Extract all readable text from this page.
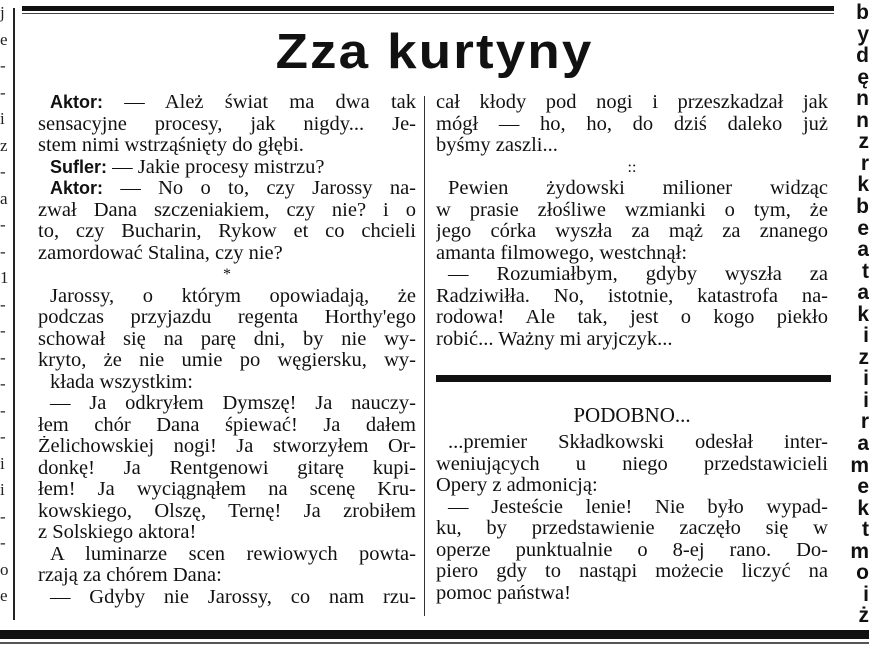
j
e
-
-
i
z
-
a
-
-
1
-
-
-
-
-
-
i
i
-
-
o
e
b
y
d
ę
n
n
z
r
k
b
e
a
t
a
k
i
z
i
i
r
a
m
e
k
t
m
o
i
ż
Zza kurtyny
Aktor: — Ależ świat ma dwa tak
sensacyjne procesy, jak nigdy... Je-
stem nimi wstrząśnięty do głębi.
Sufler: — Jakie procesy mistrzu?
Aktor: — No o to, czy Jarossy na-
zwał Dana szczeniakiem, czy nie? i o
to, czy Bucharin, Rykow et co chcieli
zamordować Stalina, czy nie?
*
Jarossy, o którym opowiadają, że
podczas przyjazdu regenta Horthy'ego
schował się na parę dni, by nie wy-
kryto, że nie umie po węgiersku, wy-
kłada wszystkim:
— Ja odkryłem Dymszę! Ja nauczy-
łem chór Dana śpiewać! Ja dałem
Żelichowskiej nogi! Ja stworzyłem Or-
donkę! Ja Rentgenowi gitarę kupi-
łem! Ja wyciągnąłem na scenę Kru-
kowskiego, Olszę, Ternę! Ja zrobiłem
z Solskiego aktora!
A luminarze scen rewiowych powta-
rzają za chórem Dana:
— Gdyby nie Jarossy, co nam rzu-
cał kłody pod nogi i przeszkadzał jak
mógł — ho, ho, do dziś daleko już
byśmy zaszli...
::
Pewien żydowski milioner widząc
w prasie złośliwe wzmianki o tym, że
jego córka wyszła za mąż za znanego
amanta filmowego, westchnął:
— Rozumiałbym, gdyby wyszła za
Radziwiłła. No, istotnie, katastrofa na-
rodowa! Ale tak, jest o kogo piekło
robić... Ważny mi aryjczyk...
PODOBNO...
...premier Składkowski odesłał inter-
weniujących u niego przedstawicieli
Opery z admonicją:
— Jesteście lenie! Nie było wypad-
ku, by przedstawienie zaczęło się w
operze punktualnie o 8-ej rano. Do-
piero gdy to nastąpi możecie liczyć na
pomoc państwa!
